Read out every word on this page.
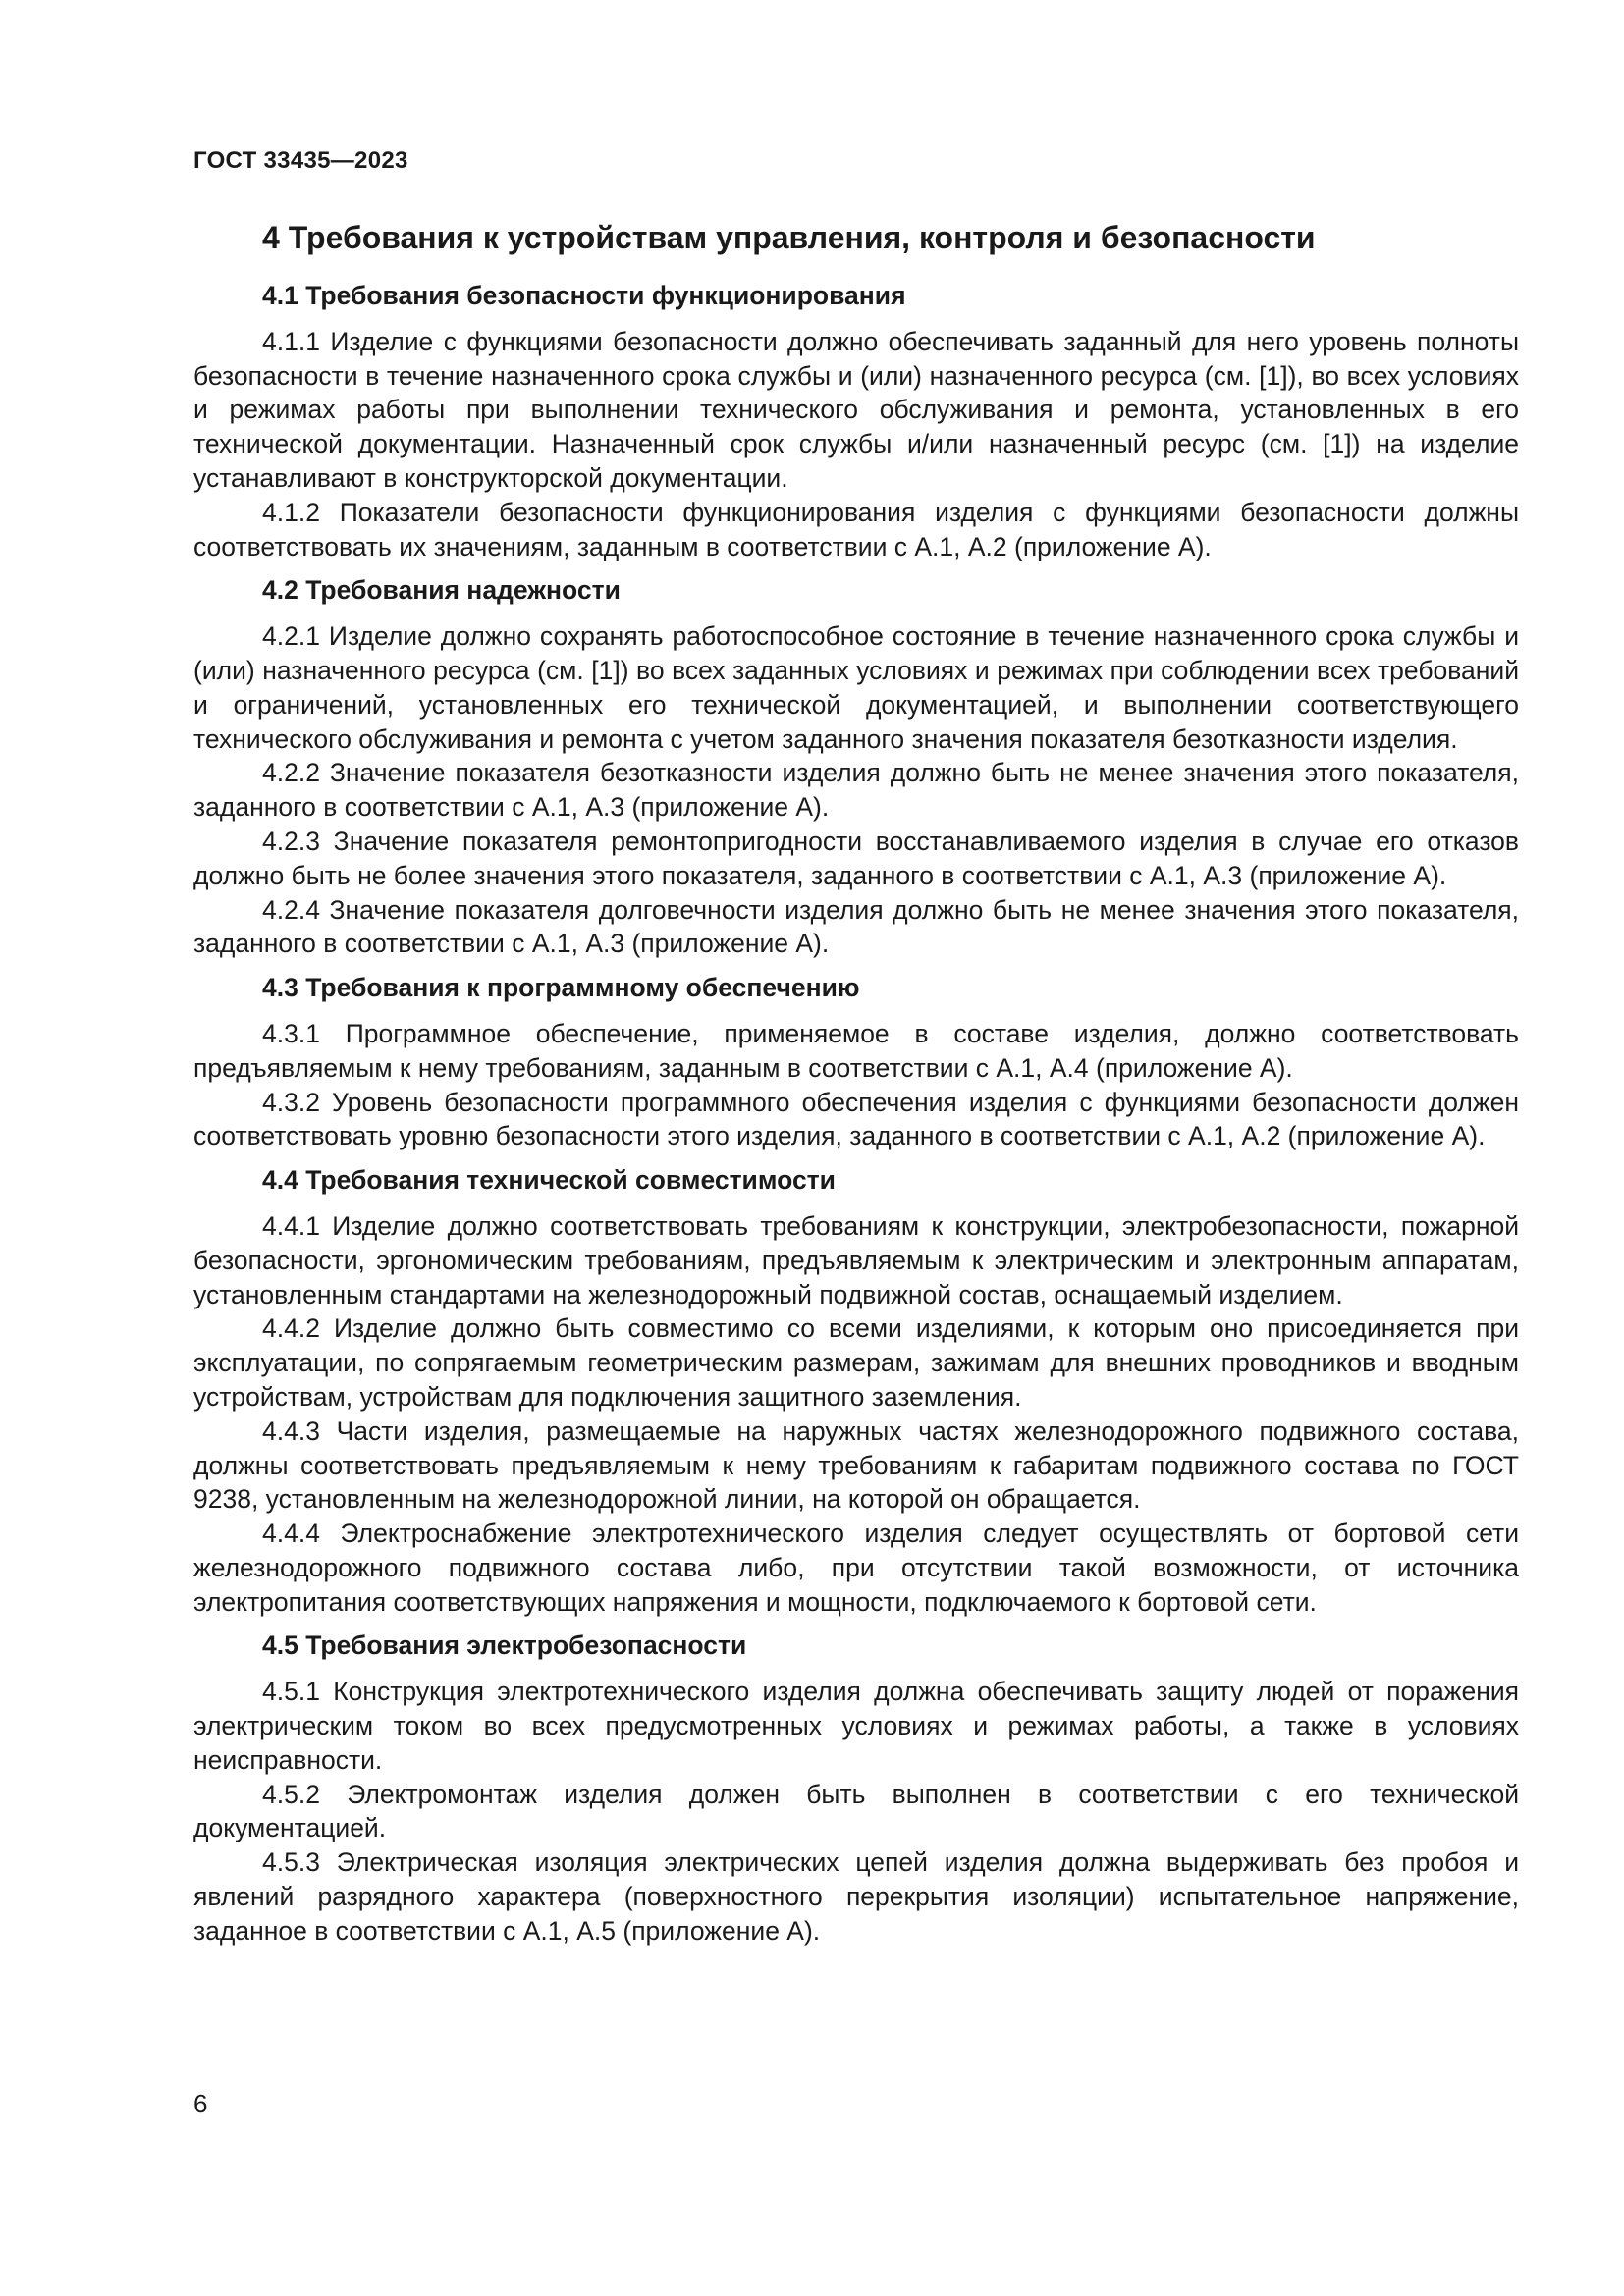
ГОСТ 33435—2023
4 Требования к устройствам управления, контроля и безопасности
4.1 Требования безопасности функционирования

4.1.1 Изделие с функциями безопасности должно обеспечивать заданный для него уровень полноты безопасности в течение назначенного срока службы и (или) назначенного ресурса (см. [1]), во всех условиях и режимах работы при выполнении технического обслуживания и ремонта, установленных в его технической документации. Назначенный срок службы и/или назначенный ресурс (см. [1]) на изделие устанавливают в конструкторской документации.

4.1.2 Показатели безопасности функционирования изделия с функциями безопасности должны соответствовать их значениям, заданным в соответствии с А.1, А.2 (приложение А).

4.2 Требования надежности

4.2.1 Изделие должно сохранять работоспособное состояние в течение назначенного срока службы и (или) назначенного ресурса (см. [1]) во всех заданных условиях и режимах при соблюдении всех требований и ограничений, установленных его технической документацией, и выполнении соответствующего технического обслуживания и ремонта с учетом заданного значения показателя безотказности изделия.

4.2.2 Значение показателя безотказности изделия должно быть не менее значения этого показателя, заданного в соответствии с А.1, А.3 (приложение А).

4.2.3 Значение показателя ремонтопригодности восстанавливаемого изделия в случае его отказов должно быть не более значения этого показателя, заданного в соответствии с А.1, А.3 (приложение А).

4.2.4 Значение показателя долговечности изделия должно быть не менее значения этого показателя, заданного в соответствии с А.1, А.3 (приложение А).

4.3 Требования к программному обеспечению

4.3.1 Программное обеспечение, применяемое в составе изделия, должно соответствовать предъявляемым к нему требованиям, заданным в соответствии с А.1, А.4 (приложение А).

4.3.2 Уровень безопасности программного обеспечения изделия с функциями безопасности должен соответствовать уровню безопасности этого изделия, заданного в соответствии с А.1, А.2 (приложение А).

4.4 Требования технической совместимости

4.4.1 Изделие должно соответствовать требованиям к конструкции, электробезопасности, пожарной безопасности, эргономическим требованиям, предъявляемым к электрическим и электронным аппаратам, установленным стандартами на железнодорожный подвижной состав, оснащаемый изделием.

4.4.2 Изделие должно быть совместимо со всеми изделиями, к которым оно присоединяется при эксплуатации, по сопрягаемым геометрическим размерам, зажимам для внешних проводников и вводным устройствам, устройствам для подключения защитного заземления.

4.4.3 Части изделия, размещаемые на наружных частях железнодорожного подвижного состава, должны соответствовать предъявляемым к нему требованиям к габаритам подвижного состава по ГОСТ 9238, установленным на железнодорожной линии, на которой он обращается.

4.4.4 Электроснабжение электротехнического изделия следует осуществлять от бортовой сети железнодорожного подвижного состава либо, при отсутствии такой возможности, от источника электропитания соответствующих напряжения и мощности, подключаемого к бортовой сети.

4.5 Требования электробезопасности

4.5.1 Конструкция электротехнического изделия должна обеспечивать защиту людей от поражения электрическим током во всех предусмотренных условиях и режимах работы, а также в условиях неисправности.

4.5.2 Электромонтаж изделия должен быть выполнен в соответствии с его технической документацией.

4.5.3 Электрическая изоляция электрических цепей изделия должна выдерживать без пробоя и явлений разрядного характера (поверхностного перекрытия изоляции) испытательное напряжение, заданное в соответствии с А.1, А.5 (приложение А).

6
